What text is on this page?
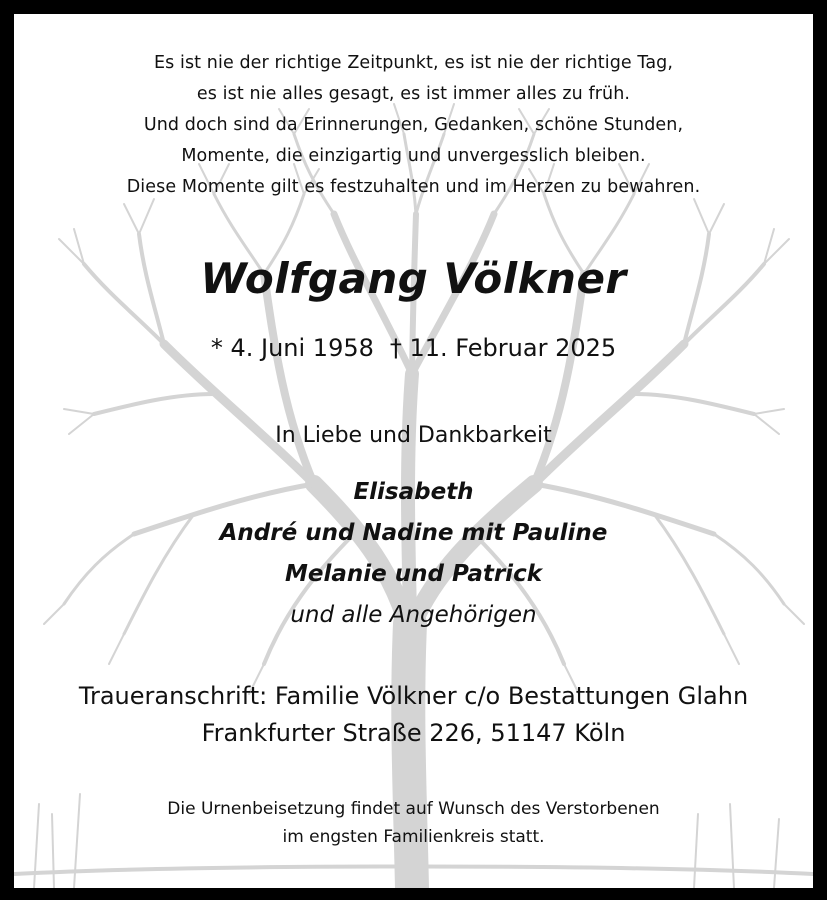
Es ist nie der richtige Zeitpunkt, es ist nie der richtige Tag,
es ist nie alles gesagt, es ist immer alles zu früh.
Und doch sind da Erinnerungen, Gedanken, schöne Stunden,
Momente, die einzigartig und unvergesslich bleiben.
Diese Momente gilt es festzuhalten und im Herzen zu bewahren.
Wolfgang Völkner
* 4. Juni 1958 † 11. Februar 2025
In Liebe und Dankbarkeit
Elisabeth
André und Nadine mit Pauline
Melanie und Patrick
und alle Angehörigen
Traueranschrift: Familie Völkner c/o Bestattungen Glahn
Frankfurter Straße 226, 51147 Köln
Die Urnenbeisetzung findet auf Wunsch des Verstorbenen
im engsten Familienkreis statt.
